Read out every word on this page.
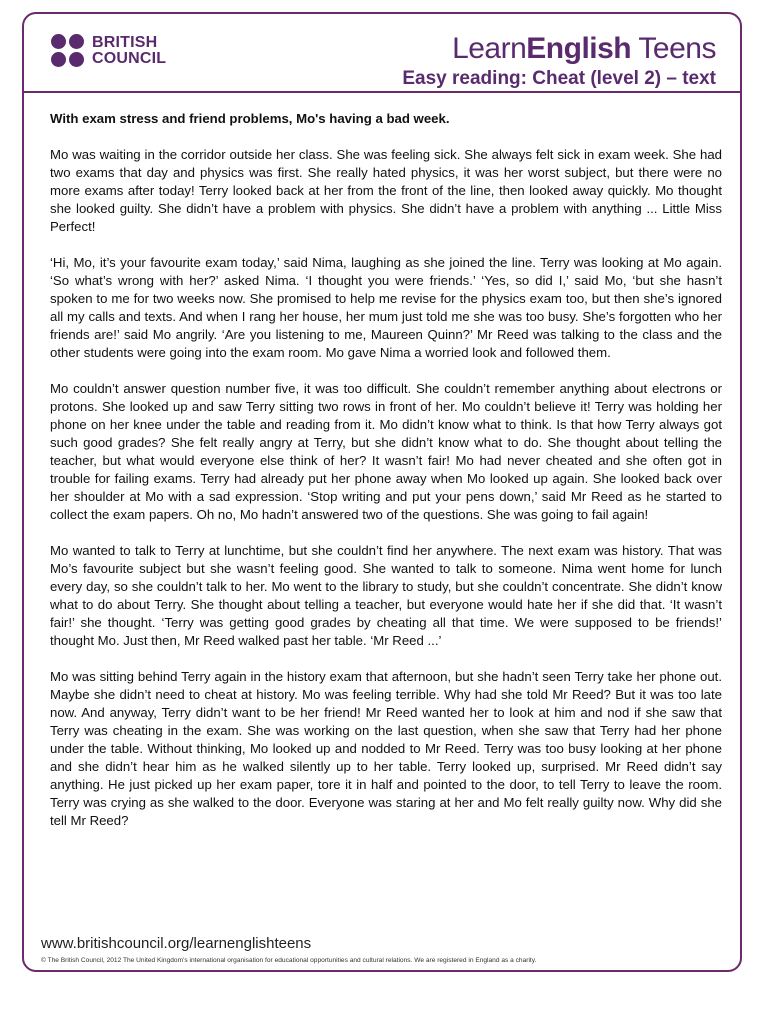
BRITISH
COUNCIL	LearnEnglish Teens
Easy reading: Cheat (level 2) – text

With exam stress and friend problems, Mo's having a bad week.

Mo was waiting in the corridor outside her class. She was feeling sick. She always felt sick in exam week. She had two exams that day and physics was first. She really hated physics, it was her worst subject, but there were no more exams after today! Terry looked back at her from the front of the line, then looked away quickly. Mo thought she looked guilty. She didn’t have a problem with physics. She didn’t have a problem with anything ... Little Miss Perfect!

‘Hi, Mo, it’s your favourite exam today,’ said Nima, laughing as she joined the line. Terry was looking at Mo again. ‘So what’s wrong with her?’ asked Nima. ‘I thought you were friends.’ ‘Yes, so did I,’ said Mo, ‘but she hasn’t spoken to me for two weeks now. She promised to help me revise for the physics exam too, but then she’s ignored all my calls and texts. And when I rang her house, her mum just told me she was too busy. She’s forgotten who her friends are!’ said Mo angrily. ‘Are you listening to me, Maureen Quinn?’ Mr Reed was talking to the class and the other students were going into the exam room. Mo gave Nima a worried look and followed them.

Mo couldn’t answer question number five, it was too difficult. She couldn’t remember anything about electrons or protons. She looked up and saw Terry sitting two rows in front of her. Mo couldn’t believe it! Terry was holding her phone on her knee under the table and reading from it. Mo didn’t know what to think. Is that how Terry always got such good grades? She felt really angry at Terry, but she didn’t know what to do. She thought about telling the teacher, but what would everyone else think of her? It wasn’t fair! Mo had never cheated and she often got in trouble for failing exams. Terry had already put her phone away when Mo looked up again. She looked back over her shoulder at Mo with a sad expression. ‘Stop writing and put your pens down,’ said Mr Reed as he started to collect the exam papers. Oh no, Mo hadn’t answered two of the questions. She was going to fail again!

Mo wanted to talk to Terry at lunchtime, but she couldn’t find her anywhere. The next exam was history. That was Mo’s favourite subject but she wasn’t feeling good. She wanted to talk to someone. Nima went home for lunch every day, so she couldn’t talk to her. Mo went to the library to study, but she couldn’t concentrate. She didn’t know what to do about Terry. She thought about telling a teacher, but everyone would hate her if she did that. ‘It wasn’t fair!’ she thought. ‘Terry was getting good grades by cheating all that time. We were supposed to be friends!’ thought Mo. Just then, Mr Reed walked past her table. ‘Mr Reed ...’

Mo was sitting behind Terry again in the history exam that afternoon, but she hadn’t seen Terry take her phone out. Maybe she didn’t need to cheat at history. Mo was feeling terrible. Why had she told Mr Reed? But it was too late now. And anyway, Terry didn’t want to be her friend! Mr Reed wanted her to look at him and nod if she saw that Terry was cheating in the exam. She was working on the last question, when she saw that Terry had her phone under the table. Without thinking, Mo looked up and nodded to Mr Reed. Terry was too busy looking at her phone and she didn’t hear him as he walked silently up to her table. Terry looked up, surprised. Mr Reed didn’t say anything. He just picked up her exam paper, tore it in half and pointed to the door, to tell Terry to leave the room. Terry was crying as she walked to the door. Everyone was staring at her and Mo felt really guilty now. Why did she tell Mr Reed?

www.britishcouncil.org/learnenglishteens
© The British Council, 2012 The United Kingdom’s international organisation for educational opportunities and cultural relations. We are registered in England as a charity.
